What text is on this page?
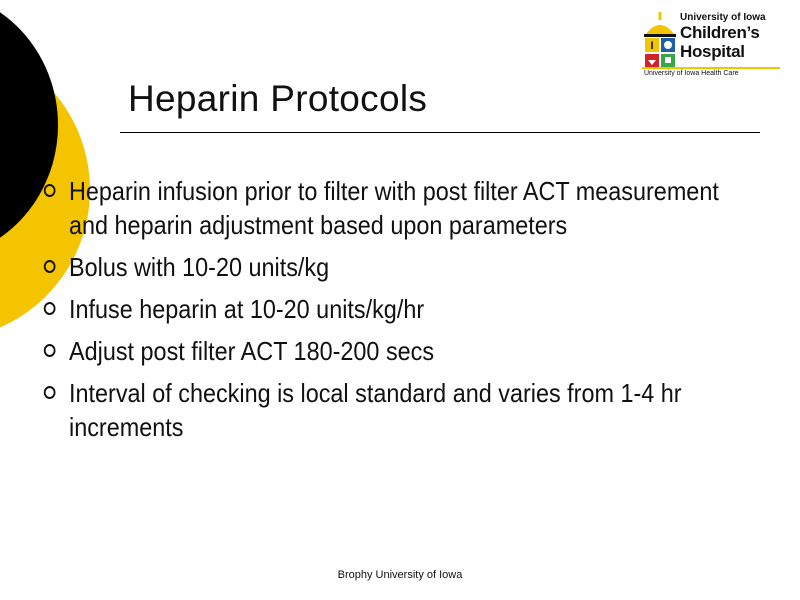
I
University of Iowa
Children’s
Hospital
University of Iowa Health Care
Heparin Protocols
Heparin infusion prior to filter with post filter ACT measurement and heparin adjustment based upon parameters
Bolus with 10-20 units/kg
Infuse heparin at 10-20 units/kg/hr
Adjust post filter ACT 180-200 secs
Interval of checking is local standard and varies from 1-4 hr increments
Brophy University of Iowa
